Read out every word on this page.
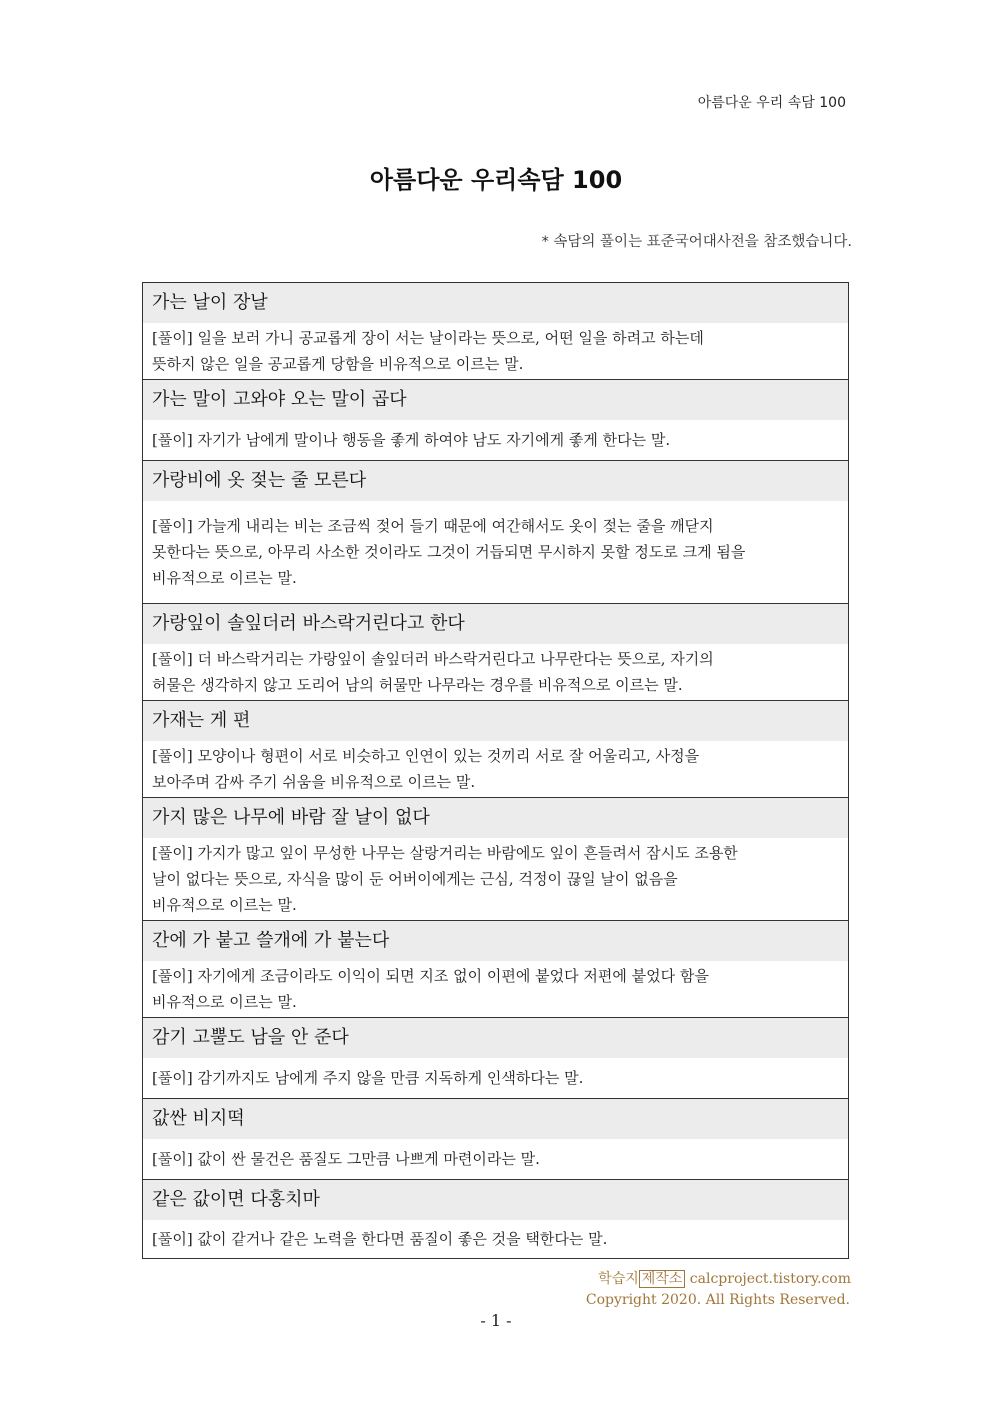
아름다운 우리 속담 100
아름다운 우리속담 100
* 속담의 풀이는 표준국어대사전을 참조했습니다.
가는 날이 장날
[풀이] 일을 보러 가니 공교롭게 장이 서는 날이라는 뜻으로, 어떤 일을 하려고 하는데
뜻하지 않은 일을 공교롭게 당함을 비유적으로 이르는 말.
가는 말이 고와야 오는 말이 곱다
[풀이] 자기가 남에게 말이나 행동을 좋게 하여야 남도 자기에게 좋게 한다는 말.
가랑비에 옷 젖는 줄 모른다
[풀이] 가늘게 내리는 비는 조금씩 젖어 들기 때문에 여간해서도 옷이 젖는 줄을 깨닫지
못한다는 뜻으로, 아무리 사소한 것이라도 그것이 거듭되면 무시하지 못할 정도로 크게 됨을
비유적으로 이르는 말.
가랑잎이 솔잎더러 바스락거린다고 한다
[풀이] 더 바스락거리는 가랑잎이 솔잎더러 바스락거린다고 나무란다는 뜻으로, 자기의
허물은 생각하지 않고 도리어 남의 허물만 나무라는 경우를 비유적으로 이르는 말.
가재는 게 편
[풀이] 모양이나 형편이 서로 비슷하고 인연이 있는 것끼리 서로 잘 어울리고, 사정을
보아주며 감싸 주기 쉬움을 비유적으로 이르는 말.
가지 많은 나무에 바람 잘 날이 없다
[풀이] 가지가 많고 잎이 무성한 나무는 살랑거리는 바람에도 잎이 흔들려서 잠시도 조용한
날이 없다는 뜻으로, 자식을 많이 둔 어버이에게는 근심, 걱정이 끊일 날이 없음을
비유적으로 이르는 말.
간에 가 붙고 쓸개에 가 붙는다
[풀이] 자기에게 조금이라도 이익이 되면 지조 없이 이편에 붙었다 저편에 붙었다 함을
비유적으로 이르는 말.
감기 고뿔도 남을 안 준다
[풀이] 감기까지도 남에게 주지 않을 만큼 지독하게 인색하다는 말.
값싼 비지떡
[풀이] 값이 싼 물건은 품질도 그만큼 나쁘게 마련이라는 말.
같은 값이면 다홍치마
[풀이] 값이 같거나 같은 노력을 한다면 품질이 좋은 것을 택한다는 말.
학습지 제작소 calcproject.tistory.com
Copyright 2020. All Rights Reserved.
- 1 -
